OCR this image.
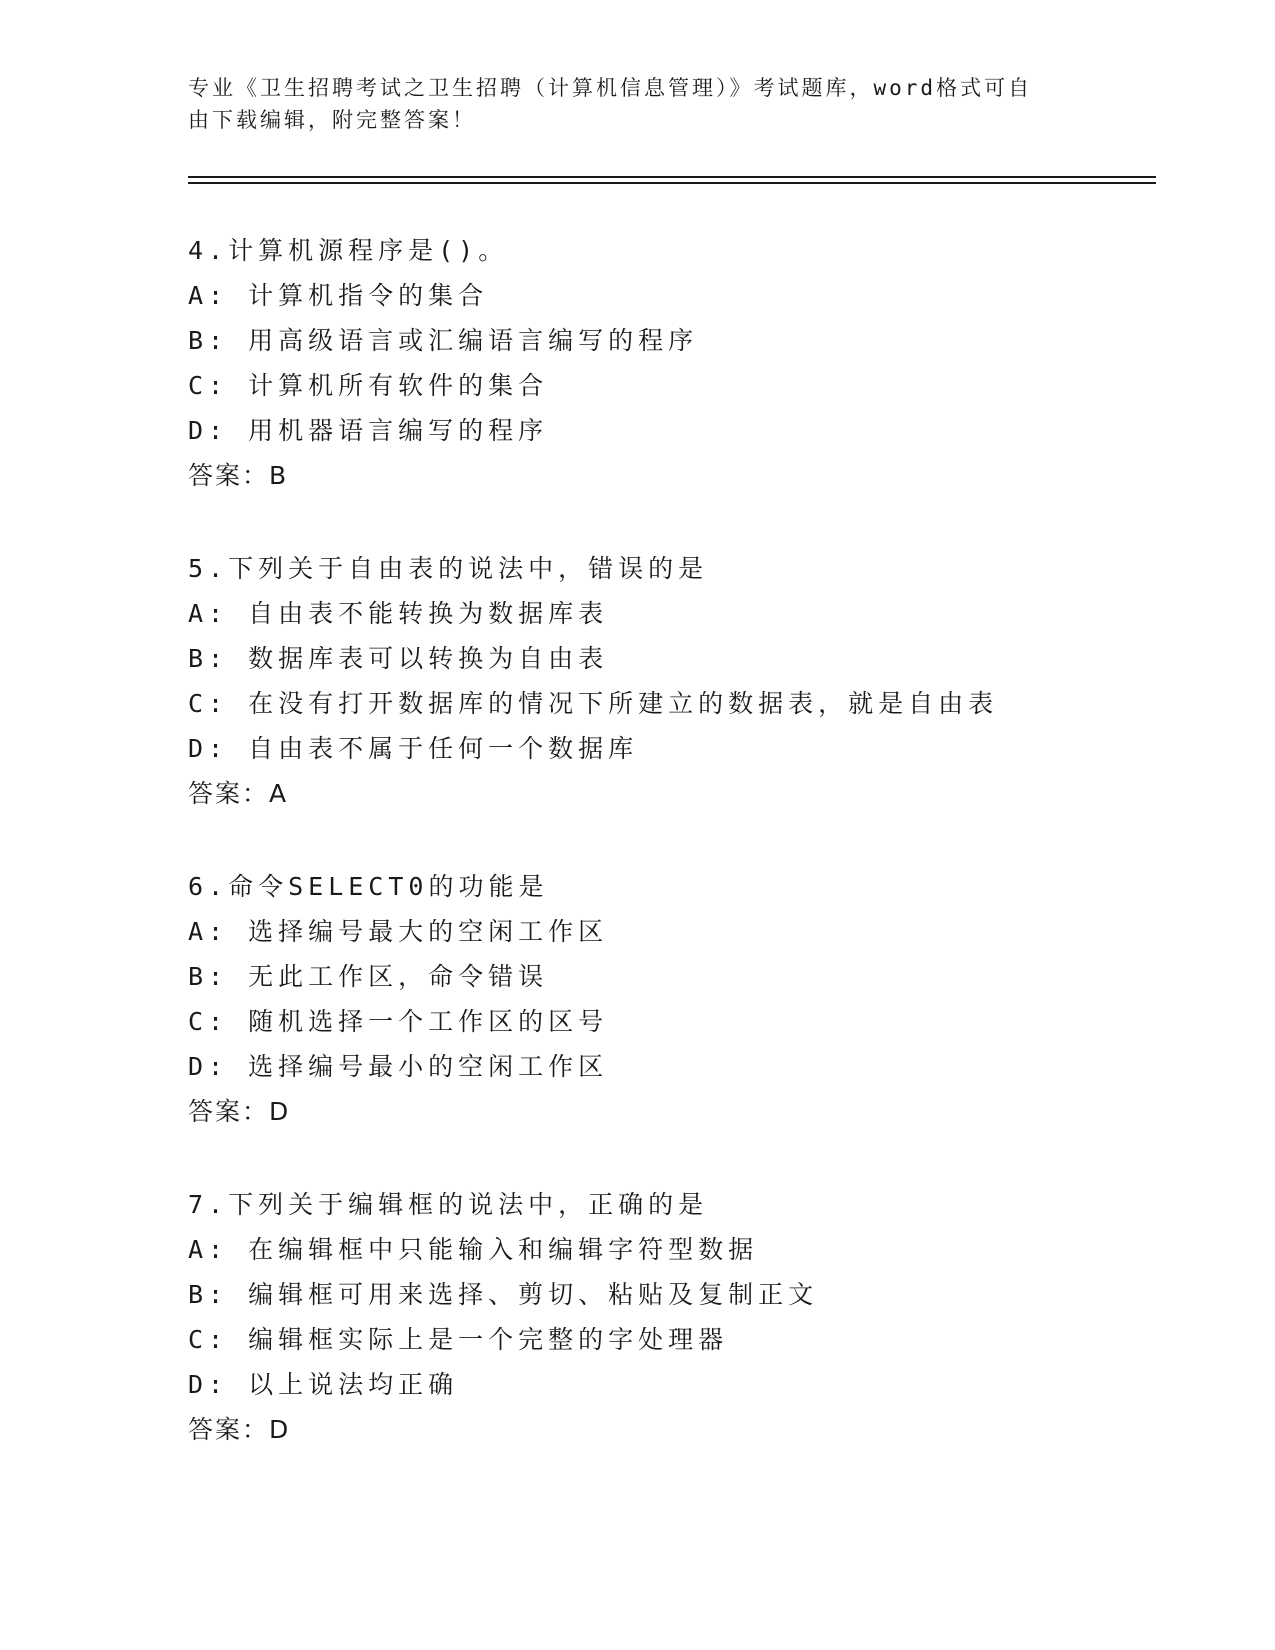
专业《卫生招聘考试之卫生招聘（计算机信息管理）》考试题库，word格式可自
由下载编辑，附完整答案！
4.计算机源程序是()。
A: 计算机指令的集合
B: 用高级语言或汇编语言编写的程序
C: 计算机所有软件的集合
D: 用机器语言编写的程序
答案：B
5.下列关于自由表的说法中，错误的是
A: 自由表不能转换为数据库表
B: 数据库表可以转换为自由表
C: 在没有打开数据库的情况下所建立的数据表，就是自由表
D: 自由表不属于任何一个数据库
答案：A
6.命令SELECT0的功能是
A: 选择编号最大的空闲工作区
B: 无此工作区，命令错误
C: 随机选择一个工作区的区号
D: 选择编号最小的空闲工作区
答案：D
7.下列关于编辑框的说法中，正确的是
A: 在编辑框中只能输入和编辑字符型数据
B: 编辑框可用来选择、剪切、粘贴及复制正文
C: 编辑框实际上是一个完整的字处理器
D: 以上说法均正确
答案：D
